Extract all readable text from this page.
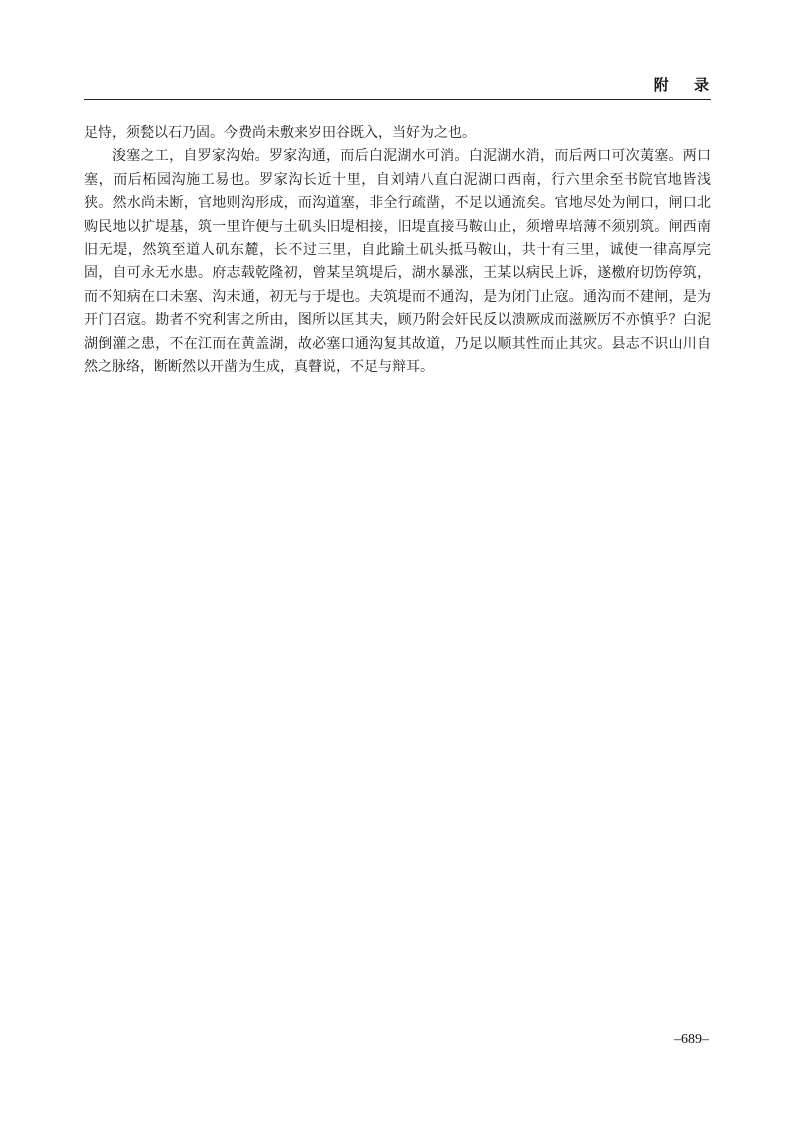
附 录

足恃，须甃以石乃固。今费尚未敷来岁田谷既入，当好为之也。

浚塞之工，自罗家沟始。罗家沟通，而后白泥湖水可消。白泥湖水消，而后两口可次荑塞。两口塞，而后柘园沟施工易也。罗家沟长近十里，自刘靖八直白泥湖口西南，行六里余至书院官地皆浅狭。然水尚未断，官地则沟形成，而沟道塞，非全行疏凿，不足以通流矣。官地尽处为闸口，闸口北购民地以扩堤基，筑一里许便与土矶头旧堤相接，旧堤直接马鞍山止，须增卑培薄不须别筑。闸西南旧无堤，然筑至道人矶东麓，长不过三里，自此踰土矶头抵马鞍山，共十有三里，诚使一律高厚完固，自可永无水患。府志载乾隆初，曾某呈筑堤后，湖水暴涨，王某以病民上诉，遂檄府切饬停筑，而不知病在口未塞、沟未通，初无与于堤也。夫筑堤而不通沟，是为闭门止寇。通沟而不建闸，是为开门召寇。勘者不究利害之所由，图所以匡其夫，顾乃附会奸民反以溃厥成而滋厥厉不亦慎乎？白泥湖倒灌之患，不在江而在黄盖湖，故必塞口通沟复其故道，乃足以顺其性而止其灾。县志不识山川自然之脉络，断断然以开凿为生成，真瞽说，不足与辩耳。

–689–
